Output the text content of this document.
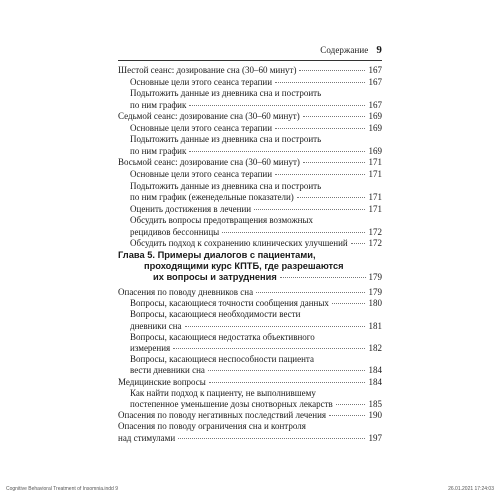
Содержание 9
Шестой сеанс: дозирование сна (30–60 минут)	167
Основные цели этого сеанса терапии	167
Подытожить данные из дневника сна и построить
по ним график	167
Седьмой сеанс: дозирование сна (30–60 минут)	169
Основные цели этого сеанса терапии	169
Подытожить данные из дневника сна и построить
по ним график	169
Восьмой сеанс: дозирование сна (30–60 минут)	171
Основные цели этого сеанса терапии	171
Подытожить данные из дневника сна и построить
по ним график (еженедельные показатели)	171
Оценить достижения в лечении	171
Обсудить вопросы предотвращения возможных
рецидивов бессонницы	172
Обсудить подход к сохранению клинических улучшений 172
Глава 5. Примеры диалогов с пациентами,
проходящими курс КПТБ, где разрешаются
их вопросы и затруднения	179
Опасения по поводу дневников сна	179
Вопросы, касающиеся точности сообщения данных	180
Вопросы, касающиеся необходимости вести
дневники сна	181
Вопросы, касающиеся недостатка объективного
измерения	182
Вопросы, касающиеся неспособности пациента
вести дневники сна	184
Медицинские вопросы	184
Как найти подход к пациенту, не выполнившему
постепенное уменьшение дозы снотворных лекарств	185
Опасения по поводу негативных последствий лечения	190
Опасения по поводу ограничения сна и контроля
над стимулами	197
Cognitive Behavioral Treatment of Insomnia.indd 9	26.01.2021 17:24:03
